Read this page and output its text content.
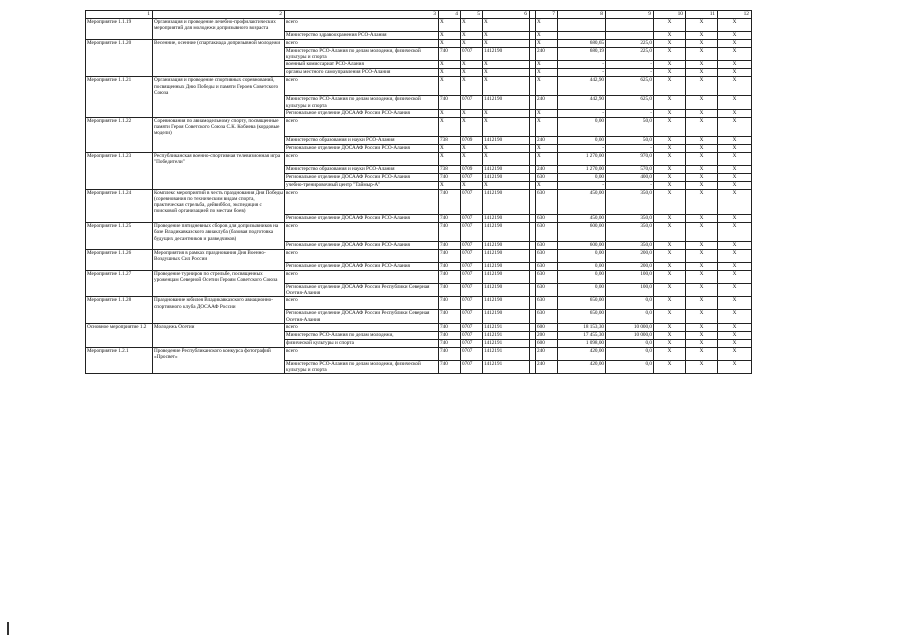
1	2	3	4	5	6		7	8	9	10	11	12
Мероприятие 1.1.19	Организация и проведение лечебно-профилактических мероприятий для молодежи допризывного возраста	всего	Х	Х	Х		Х			Х	Х	Х
		Министерство здравоохранения РСО-Алания	Х	Х	Х		Х			Х	Х	Х
Мероприятие 1.1.20	Весенние, осенние (спартакиада допризывной молодежи	всего	Х	Х	Х		Х	680,65	225,0	Х	Х	Х
		Министерство РСО-Алания по делам молодежи, физической культуры и спорта	740	0707	1412190		240	680,19	225,0	Х	Х	Х
		военный комиссариат РСО-Алания	Х	Х	Х		Х	-	-	Х	Х	Х
		органы местного самоуправления РСО-Алания	Х	Х	Х		Х	-	-	Х	Х	Х
Мероприятие 1.1.21	Организация и проведение спортивных соревнований, посвященных Дню Победы и памяти Героев Советского Союза	всего	Х	Х	Х		Х	442,90	625,0	Х	Х	Х
		Министерство РСО-Алания по делам молодежи, физической культуры и спорта	740	0707	1412190		240	442,90	625,0	Х	Х	Х
		Региональное отделение ДОСААФ России РСО-Алания	Х	Х	Х		Х	-	-	Х	Х	Х
Мероприятие 1.1.22	Соревнования по авиамодельному спорту, посвященные памяти Героя Советского Союза С.К. Кобиева (кордовые модели)	всего	Х	Х	Х		Х	0,00	50,0	Х	Х	Х
		Министерство образования и науки РСО-Алания	738	0709	1412190		240	0,00	50,0	Х	Х	Х
		Региональное отделение ДОСААФ России РСО-Алания	Х	Х	Х		Х	-	-	Х	Х	Х
Мероприятие 1.1.23	Республиканская военно-спортивная телевизионная игра "Победители"	всего	Х	Х	Х		Х	1 270,00	970,0	Х	Х	Х
		Министерство образования и науки РСО-Алания	738	0709	1412190		240	1 270,00	570,0	Х	Х	Х
		Региональное отделение ДОСААФ России РСО-Алания	740	0707	1412190		630	0,00	400,0	Х	Х	Х
		учебно-тренировочный центр "Таймыр-А"	Х	Х	Х		Х	-	-	Х	Х	Х
Мероприятие 1.1.24	Комплекс мероприятий в честь празднования Дня Победы (соревнования по техническим видам спорта, практическая стрельба, дейвиббол, экспедиция с поисковой организацией по местам боев)	всего	740	0707	1412190		630	450,00	350,0	Х	Х	Х
		Региональное отделение ДОСААФ России РСО-Алания	740	0707	1412190		630	450,00	350,0	Х	Х	Х
Мероприятие 1.1.25	Проведение пятидневных сборов для допризывников на базе Владикавказского авиаклуба (базовая подготовка будущих десантников и разведчиков)	всего	740	0707	1412190		630	600,00	350,0	Х	Х	Х
		Региональное отделение ДОСААФ России РСО-Алания	740	0707	1412190		630	600,00	350,0	Х	Х	Х
Мероприятие 1.1.26	Мероприятия в рамках празднования Дня Военно-Воздушных Сил России	всего	740	0707	1412190		630	0,00	200,0	Х	Х	Х
		Региональное отделение ДОСААФ России РСО-Алания	740	0707	1412190		630	0,00	200,0	Х	Х	Х
Мероприятие 1.1.27	Проведение турниров по стрельбе, посвященных уроженцам Северной Осетии Героям Советского Союза	всего	740	0707	1412190		630	0,00	100,0	Х	Х	Х
		Региональное отделение ДОСААФ России Республики Северная Осетия-Алания	740	0707	1412190		630	0,00	100,0	Х	Х	Х
Мероприятие 1.1.28	Празднование юбилея Владикавказского авиационно-спортивного клуба ДОСААФ России	всего	740	0707	1412190		630	650,00	0,0	Х	Х	Х
		Региональное отделение ДОСААФ России Республики Северная Осетия-Алания	740	0707	1412190		630	650,00	0,0	Х	Х	Х
Основное мероприятие 1.2	Молодежь Осетии	всего	740	0707	1412191		600	18 153,30	10 000,0	Х	Х	Х
		Министерство РСО-Алания по делам молодежи,	740	0707	1412191		200	17 455,30	10 000,0	Х	Х	Х
		физической культуры и спорта	740	0707	1412191		600	1 098,00	0,0	Х	Х	Х
Мероприятие 1.2.1	Проведение Республиканского конкурса фотографий «Просвет»	всего	740	0707	1412191		240	420,00	0,0	Х	Х	Х
		Министерство РСО-Алания по делам молодежи, физической культуры и спорта	740	0707	1412191		240	420,00	0,0	Х	Х	Х
